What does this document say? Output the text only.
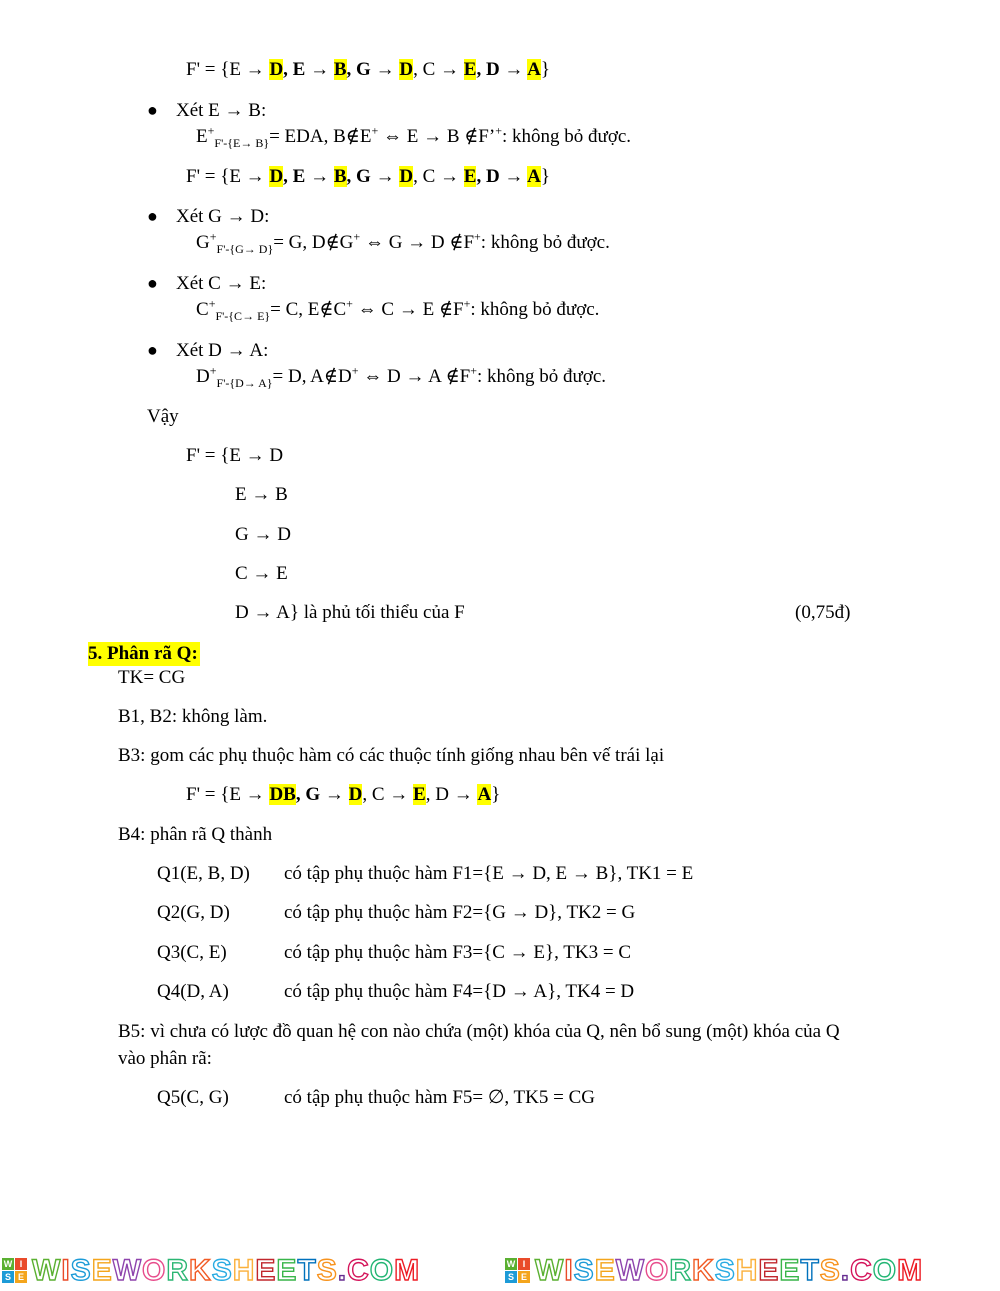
F' = {E → D, E → B, G → D, C → E, D → A}
● Xét E → B:
$E^+_{F'-\{E\to B\}}=$ EDA, B∉E+ ⇔ E → B ∉F’+: không bỏ được.
F' = {E → D, E → B, G → D, C → E, D → A}
● Xét G → D:
$G^+_{F'-\{G\to D\}}= G$, D∉G+ ⇔ G → D ∉F+: không bỏ được.
● Xét C → E:
$C^+_{F'-\{C\to E\}}= C$, E∉C+ ⇔ C → E ∉F+: không bỏ được.
● Xét D → A:
$D^+_{F'-\{D\to A\}}= D$, A∉D+ ⇔ D → A ∉F+: không bỏ được.
Vậy
F' = {E → D
E → B
G → D
C → E
D → A} là phủ tối thiểu của F	(0,75đ)
5. Phân rã Q:
TK= CG
B1, B2: không làm.
B3: gom các phụ thuộc hàm có các thuộc tính giống nhau bên vế trái lại
F' = {E → DB, G → D, C → E, D → A}
B4: phân rã Q thành
Q1(E, B, D) có tập phụ thuộc hàm F1={E → D, E → B}, TK1 = E
Q2(G, D)	có tập phụ thuộc hàm F2={G → D}, TK2 = G
Q3(C, E)	có tập phụ thuộc hàm F3={C → E}, TK3 = C
Q4(D, A)	có tập phụ thuộc hàm F4={D → A}, TK4 = D
B5: vì chưa có lược đồ quan hệ con nào chứa (một) khóa của Q, nên bổ sung (một) khóa của Q
vào phân rã:
Q5(C, G)	có tập phụ thuộc hàm F5= ∅, TK5 = CG
W I
S E WISEWORKSHEETS.COM	W I
S E WISEWORKSHEETS.COM
